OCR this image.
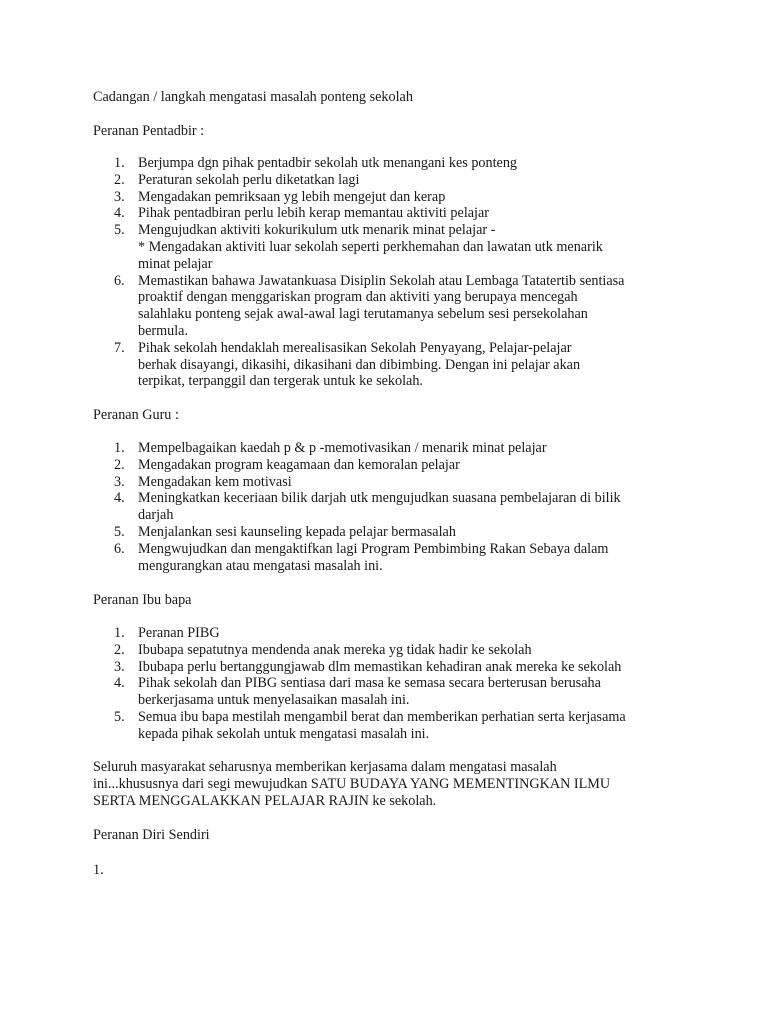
Cadangan / langkah mengatasi masalah ponteng sekolah

Peranan Pentadbir :

1. Berjumpa dgn pihak pentadbir sekolah utk menangani kes ponteng
2. Peraturan sekolah perlu diketatkan lagi
3. Mengadakan pemriksaan yg lebih mengejut dan kerap
4. Pihak pentadbiran perlu lebih kerap memantau aktiviti pelajar
5. Mengujudkan aktiviti kokurikulum utk menarik minat pelajar -
* Mengadakan aktiviti luar sekolah seperti perkhemahan dan lawatan utk menarik
minat pelajar
6. Memastikan bahawa Jawatankuasa Disiplin Sekolah atau Lembaga Tatatertib sentiasa
proaktif dengan menggariskan program dan aktiviti yang berupaya mencegah
salahlaku ponteng sejak awal-awal lagi terutamanya sebelum sesi persekolahan
bermula.
7. Pihak sekolah hendaklah merealisasikan Sekolah Penyayang, Pelajar-pelajar
berhak disayangi, dikasihi, dikasihani dan dibimbing. Dengan ini pelajar akan
terpikat, terpanggil dan tergerak untuk ke sekolah.

Peranan Guru :

1. Mempelbagaikan kaedah p & p -memotivasikan / menarik minat pelajar
2. Mengadakan program keagamaan dan kemoralan pelajar
3. Mengadakan kem motivasi
4. Meningkatkan keceriaan bilik darjah utk mengujudkan suasana pembelajaran di bilik
darjah
5. Menjalankan sesi kaunseling kepada pelajar bermasalah
6. Mengwujudkan dan mengaktifkan lagi Program Pembimbing Rakan Sebaya dalam
mengurangkan atau mengatasi masalah ini.

Peranan Ibu bapa

1. Peranan PIBG
2. Ibubapa sepatutnya mendenda anak mereka yg tidak hadir ke sekolah
3. Ibubapa perlu bertanggungjawab dlm memastikan kehadiran anak mereka ke sekolah
4. Pihak sekolah dan PIBG sentiasa dari masa ke semasa secara berterusan berusaha
berkerjasama untuk menyelasaikan masalah ini.
5. Semua ibu bapa mestilah mengambil berat dan memberikan perhatian serta kerjasama
kepada pihak sekolah untuk mengatasi masalah ini.
Seluruh masyarakat seharusnya memberikan kerjasama dalam mengatasi masalah
ini...khususnya dari segi mewujudkan SATU BUDAYA YANG MEMENTINGKAN ILMU
SERTA MENGGALAKKAN PELAJAR RAJIN ke sekolah.

Peranan Diri Sendiri

1.
